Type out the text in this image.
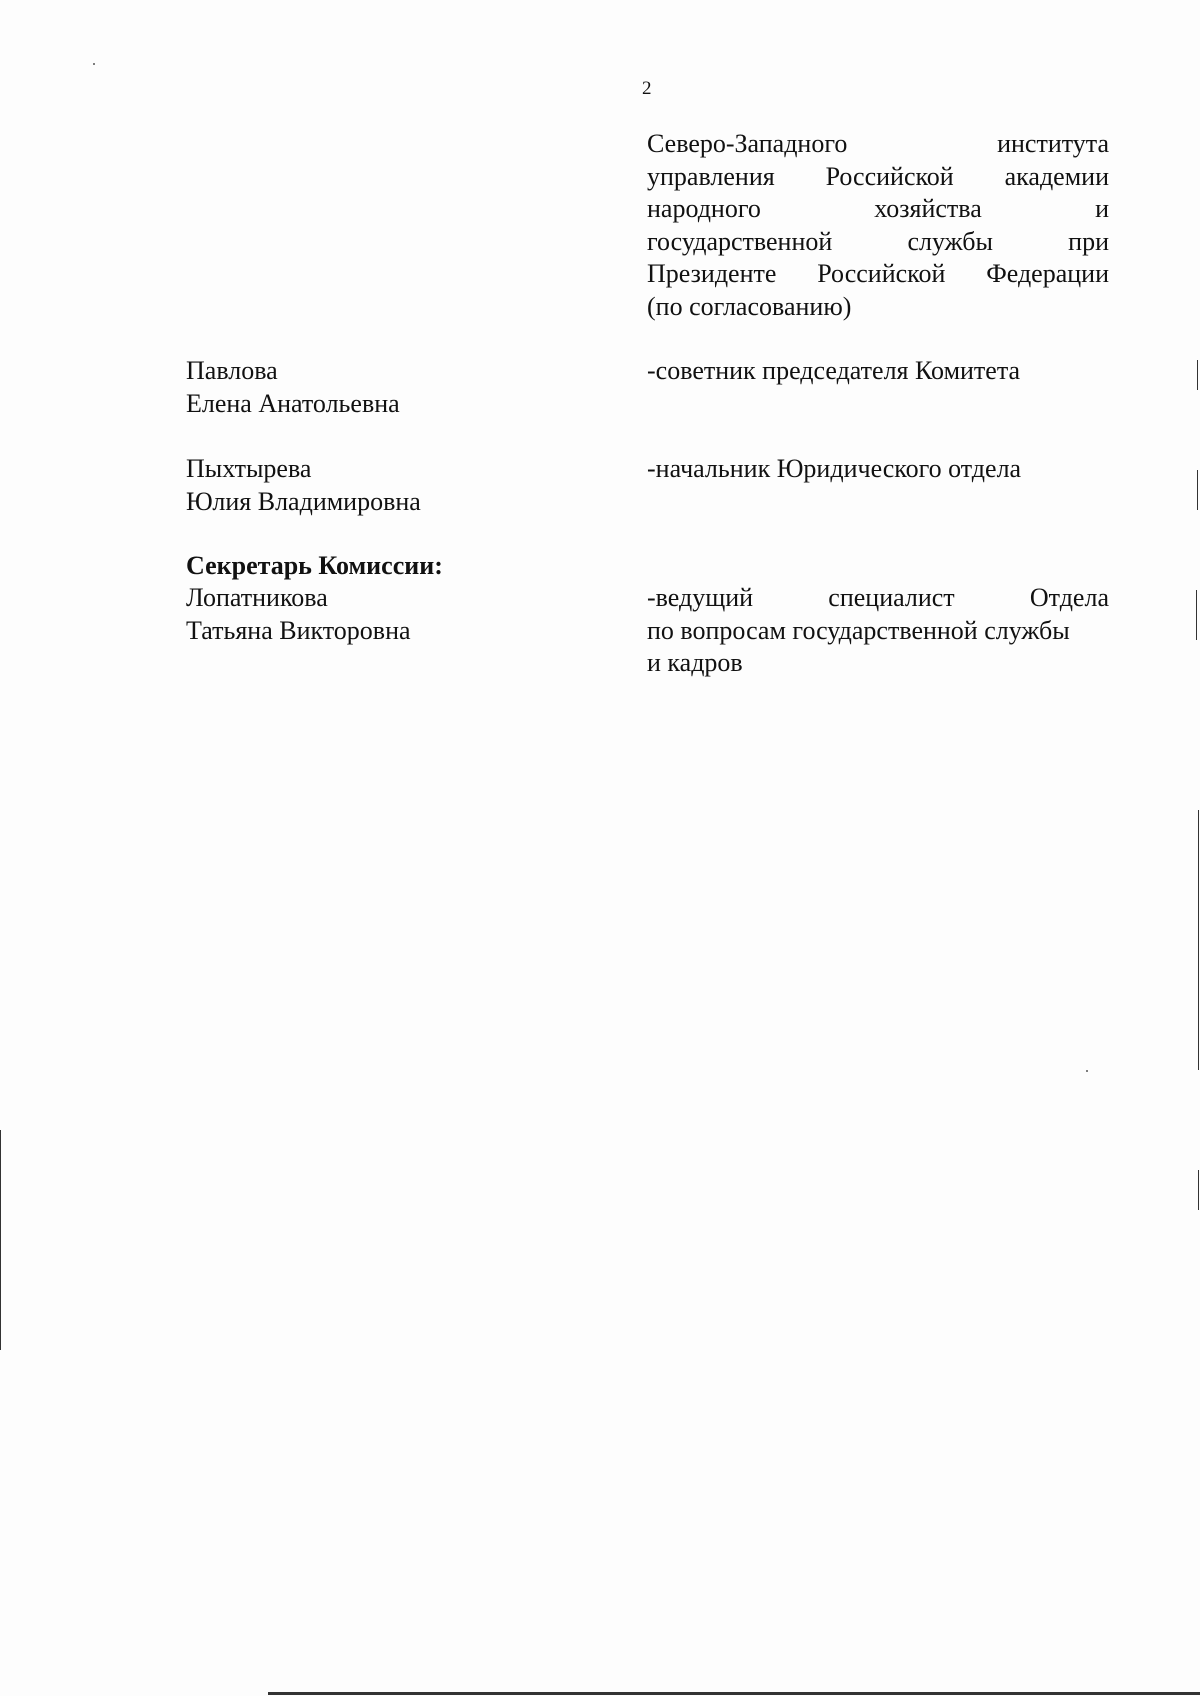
2
Северо-Западного института
управления Российской академии
народного хозяйства и
государственной службы при
Президенте Российской Федерации
(по согласованию)
Павлова
Елена Анатольевна
-советник председателя Комитета
Пыхтырева
Юлия Владимировна
-начальник Юридического отдела
Секретарь Комиссии:
Лопатникова
Татьяна Викторовна
-ведущий специалист Отдела
по вопросам государственной службы
и кадров
